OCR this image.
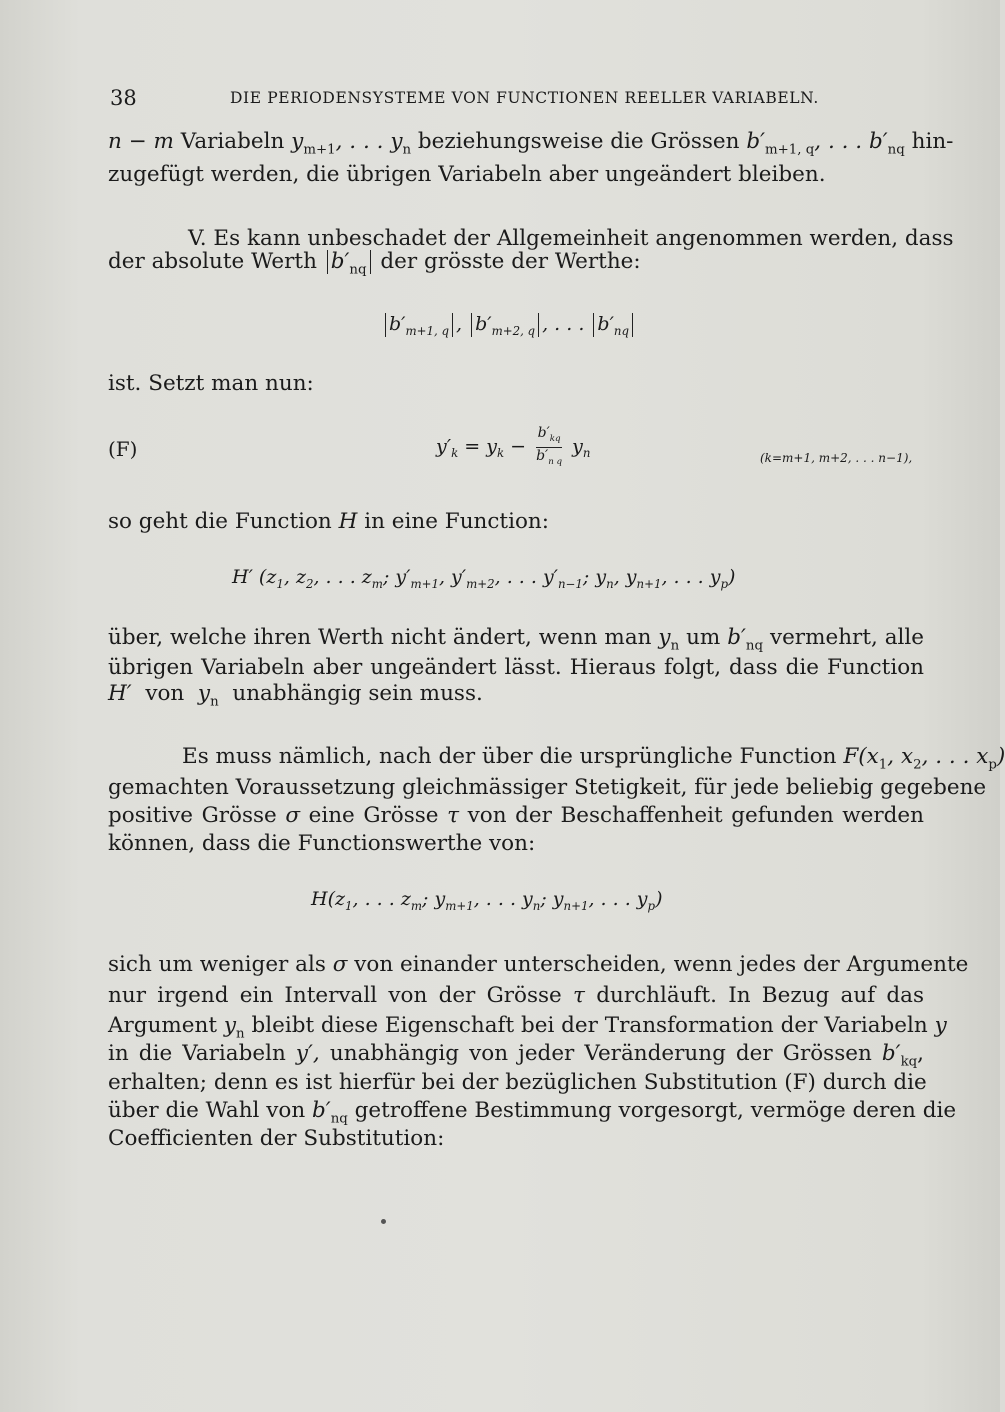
38	DIE PERIODENSYSTEME VON FUNCTIONEN REELLER VARIABELN.
n − m Variabeln $y_{m+1}$, . . . $y_n$ beziehungsweise die Grössen $b'_{m+1, q}$, . . . $b'_{nq}$ hin-
zugefügt werden, die übrigen Variabeln aber ungeändert bleiben.
V. Es kann unbeschadet der Allgemeinheit angenommen werden, dass
der absolute Werth $b'_{nq}$ der grösste der Werthe:
$b'_{m+1, q}$ , $b'_{m+2, q}$ , . . . $b'_{nq}$
ist. Setzt man nun:
(F)	$y'_k = y_k - \frac{b'_{kq}}{b'_{n q}} y_n$	(k=m+1, m+2, . . . n−1),
so geht die Function H in eine Function:
H′ ($z_1$, $z_2$, . . . $z_m$; $y'_{m+1}$, $y'_{m+2}$, . . . $y'_{n-1}$; $y_n$, $y_{n+1}$, . . . $y_p$)
über, welche ihren Werth nicht ändert, wenn man $y_n$ um $b'_{nq}$ vermehrt, alle
übrigen Variabeln aber ungeändert lässt. Hieraus folgt, dass die Function
H′ von $y_n$ unabhängig sein muss.
Es muss nämlich, nach der über die ursprüngliche Function $F(x_1$, $x_2$, . . . $x_p$)
gemachten Voraussetzung gleichmässiger Stetigkeit, für jede beliebig gegebene
positive Grösse σ eine Grösse τ von der Beschaffenheit gefunden werden
können, dass die Functionswerthe von:
$H(z_1$, . . . $z_m$; $y_{m+1}$, . . . $y_n$; $y_{n+1}$, . . . $y_p$)
sich um weniger als σ von einander unterscheiden, wenn jedes der Argumente
nur irgend ein Intervall von der Grösse τ durchläuft. In Bezug auf das
Argument $y_n$ bleibt diese Eigenschaft bei der Transformation der Variabeln y
in die Variabeln y′, unabhängig von jeder Veränderung der Grössen $b'_{kq}$,
erhalten; denn es ist hierfür bei der bezüglichen Substitution (F) durch die
über die Wahl von $b'_{nq}$ getroffene Bestimmung vorgesorgt, vermöge deren die
Coefficienten der Substitution:
